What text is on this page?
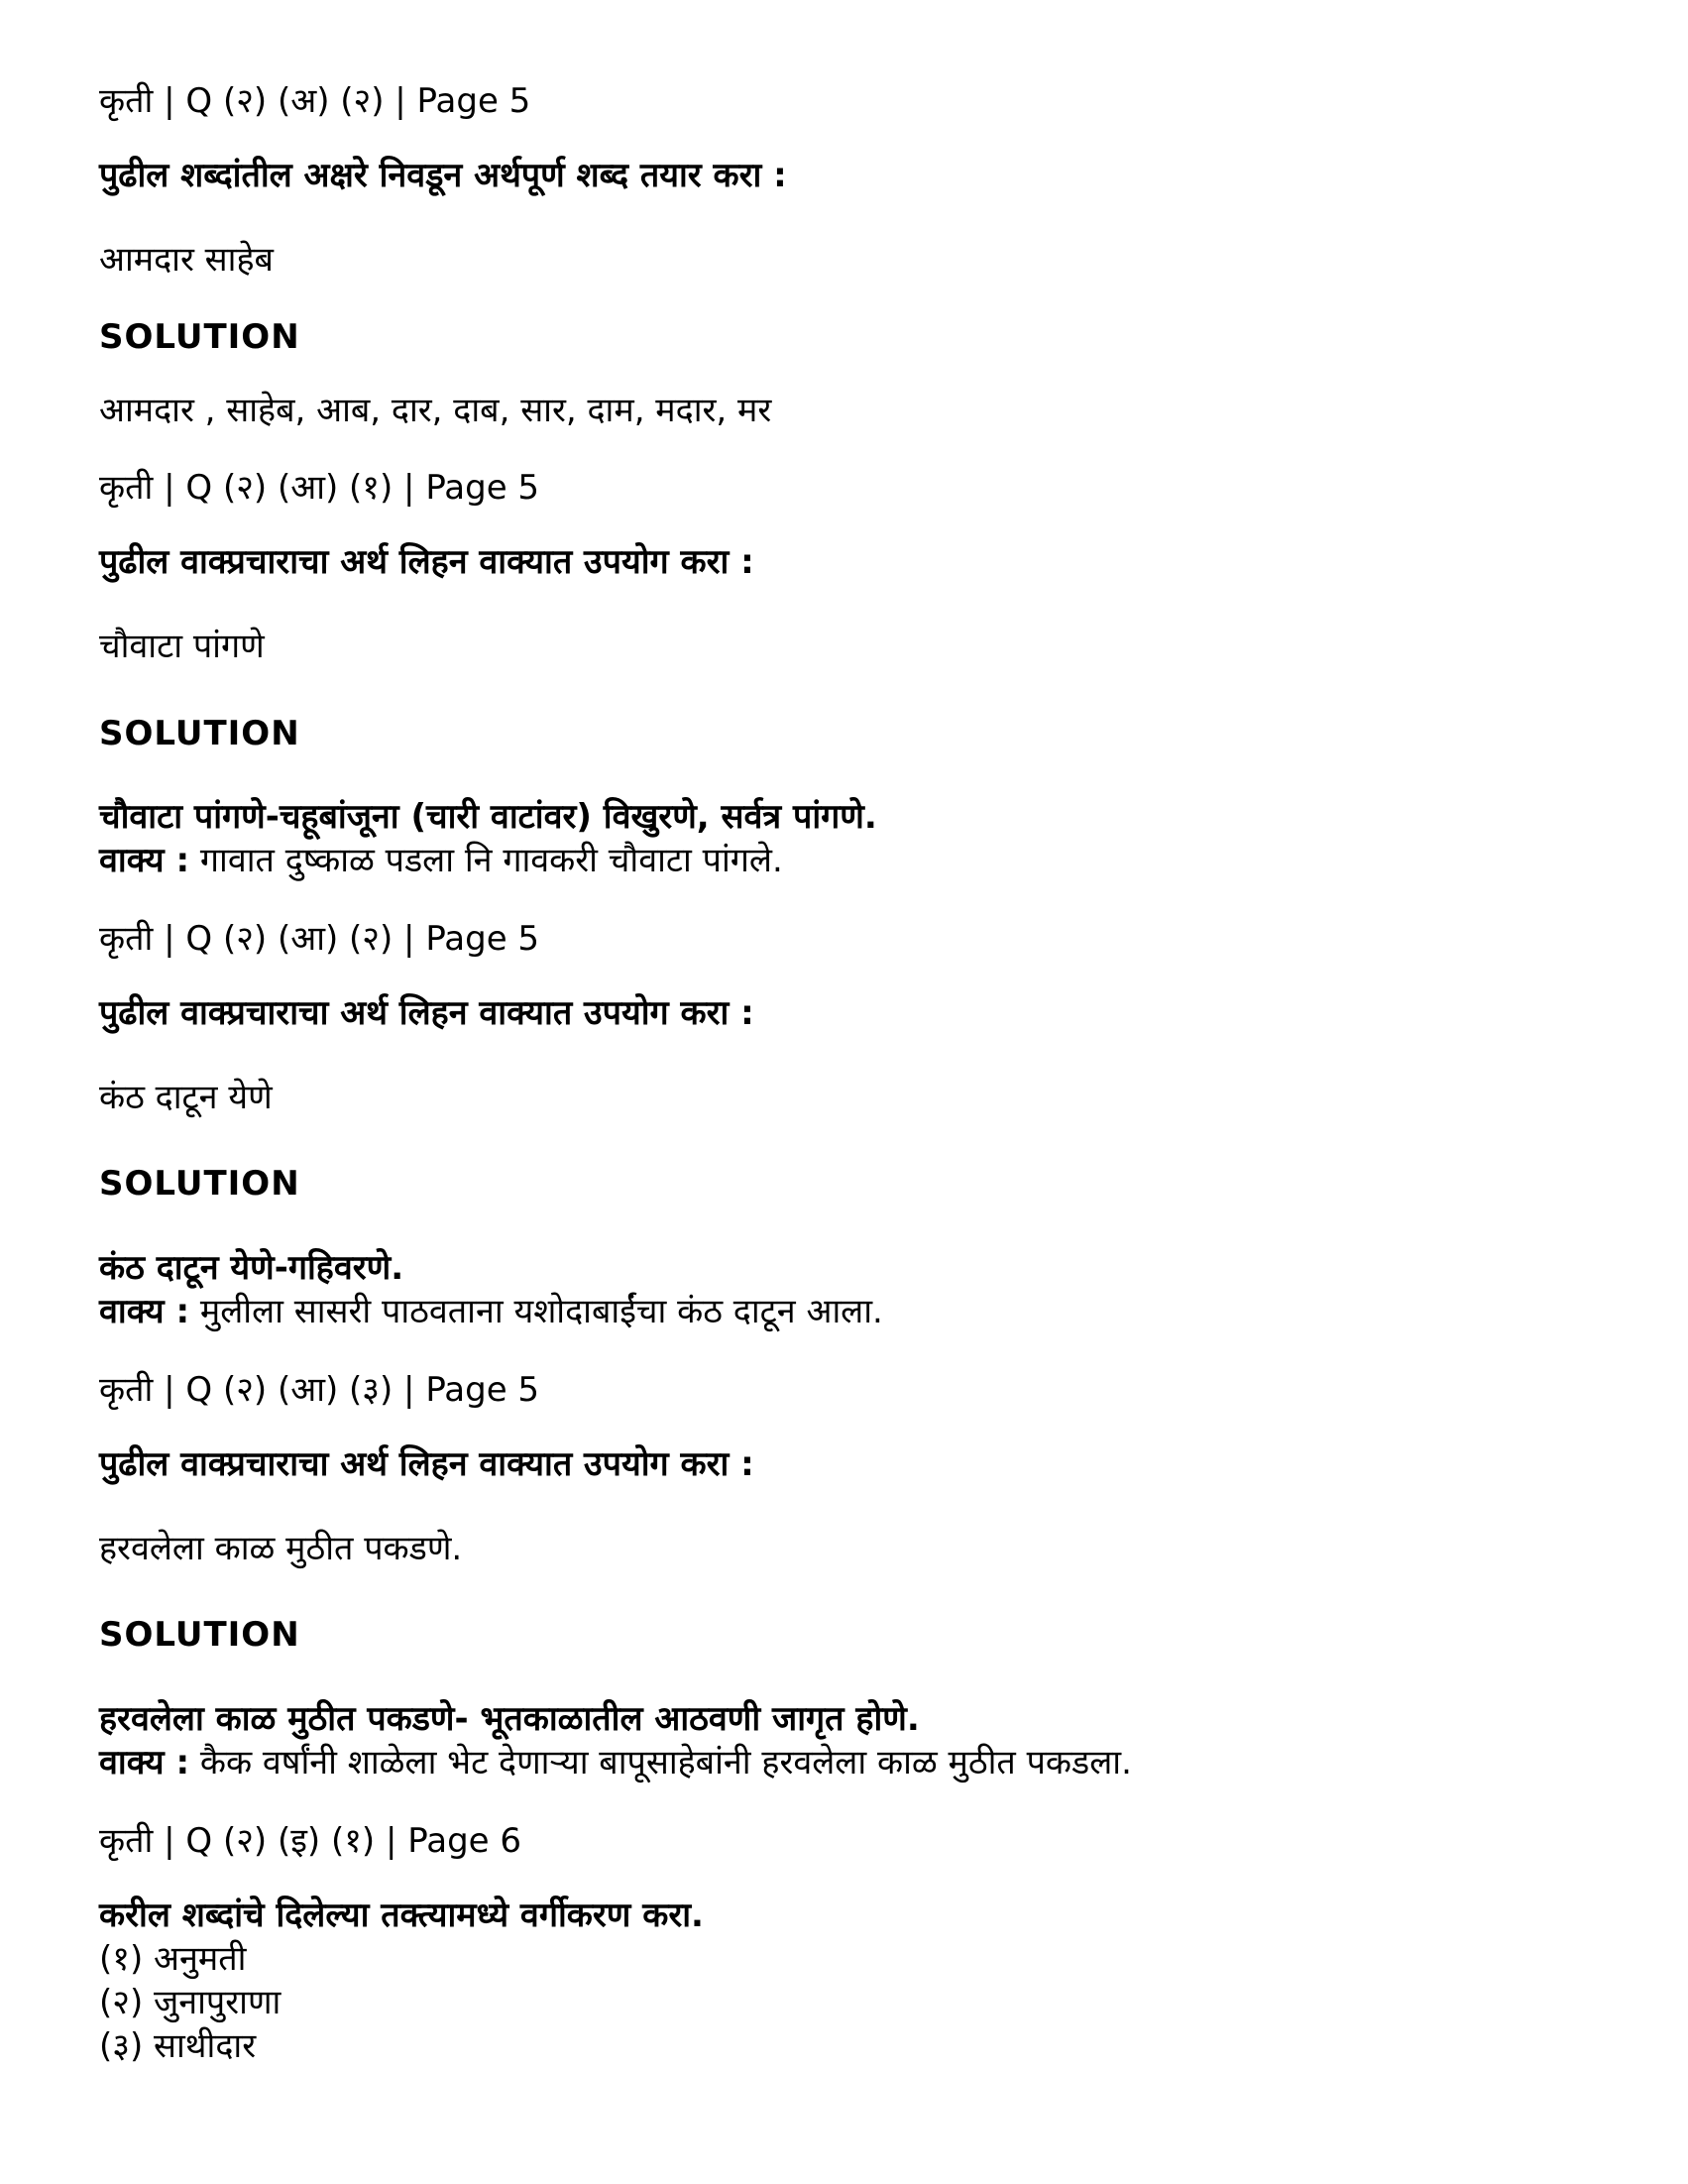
कृती | Q (२) (अ) (२) | Page 5
पुढील शब्दांतील अक्षरे निवडून अर्थपूर्ण शब्द तयार करा :
आमदार साहेब
SOLUTION
आमदार , साहेब, आब, दार, दाब, सार, दाम, मदार, मर
कृती | Q (२) (आ) (१) | Page 5
पुढील वाक्प्रचाराचा अर्थ लिहन वाक्यात उपयोग करा :
चौवाटा पांगणे
SOLUTION
चौवाटा पांगणे-चहूबांजूना (चारी वाटांवर) विखुरणे, सर्वत्र पांगणे.
वाक्य : गावात दुष्काळ पडला नि गावकरी चौवाटा पांगले.
कृती | Q (२) (आ) (२) | Page 5
पुढील वाक्प्रचाराचा अर्थ लिहन वाक्यात उपयोग करा :
कंठ दाटून येणे
SOLUTION
कंठ दाटून येणे-गहिवरणे.
वाक्य : मुलीला सासरी पाठवताना यशोदाबाईंचा कंठ दाटून आला.
कृती | Q (२) (आ) (३) | Page 5
पुढील वाक्प्रचाराचा अर्थ लिहन वाक्यात उपयोग करा :
हरवलेला काळ मुठीत पकडणे.
SOLUTION
हरवलेला काळ मुठीत पकडणे- भूतकाळातील आठवणी जागृत होणे.
वाक्य : कैक वर्षांनी शाळेला भेट देणाऱ्या बापूसाहेबांनी हरवलेला काळ मुठीत पकडला.
कृती | Q (२) (इ) (१) | Page 6
करील शब्दांचे दिलेल्या तक्त्यामध्ये वर्गीकरण करा.
(१) अनुमती
(२) जुनापुराणा
(३) साथीदार
